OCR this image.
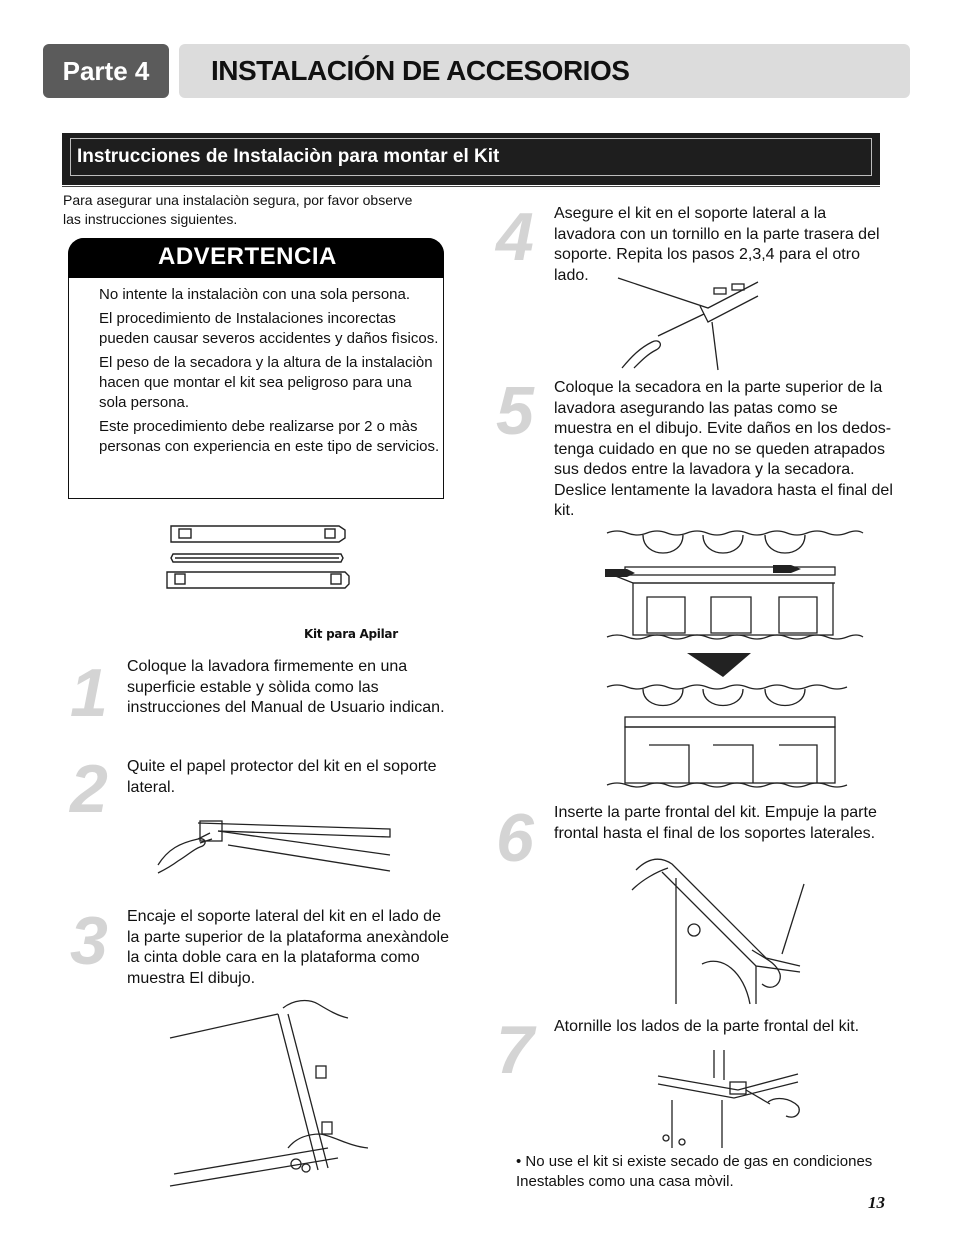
Parte 4 INSTALACIÓN DE ACCESORIOS
Instrucciones de Instalaciòn para montar el Kit
Para asegurar una instalaciòn segura, por favor observe las instrucciones siguientes.
ADVERTENCIA
No intente la instalaciòn con una sola persona.
El procedimiento de Instalaciones incorectas pueden causar severos accidentes y daños fìsicos.
El peso de la secadora y la altura de la instalaciòn hacen que montar el kit sea peligroso para una sola persona.
Este procedimiento debe realizarse por 2 o màs personas con experiencia en este tipo de servicios.
Kit para Apilar
1 Coloque la lavadora firmemente en una superficie estable y sòlida como las instrucciones del Manual de Usuario indican.
2 Quite el papel protector del kit en el soporte lateral.
3 Encaje el soporte lateral del kit en el lado de la parte superior de la plataforma anexàndole la cinta doble cara en la plataforma como muestra El dibujo.
4 Asegure el kit en el soporte lateral a la lavadora con un tornillo en la parte trasera del soporte. Repita los pasos 2,3,4 para el otro lado.
5 Coloque la secadora en la parte superior de la lavadora asegurando las patas como se muestra en el dibujo. Evite daños en los dedos- tenga cuidado en que no se queden atrapados sus dedos entre la lavadora y la secadora. Deslice lentamente la lavadora hasta el final del kit.
6 Inserte la parte frontal del kit. Empuje la parte frontal hasta el final de los soportes laterales.
7 Atornille los lados de la parte frontal del kit.
• No use el kit si existe secado de gas en condiciones Inestables como una casa mòvil.
13
